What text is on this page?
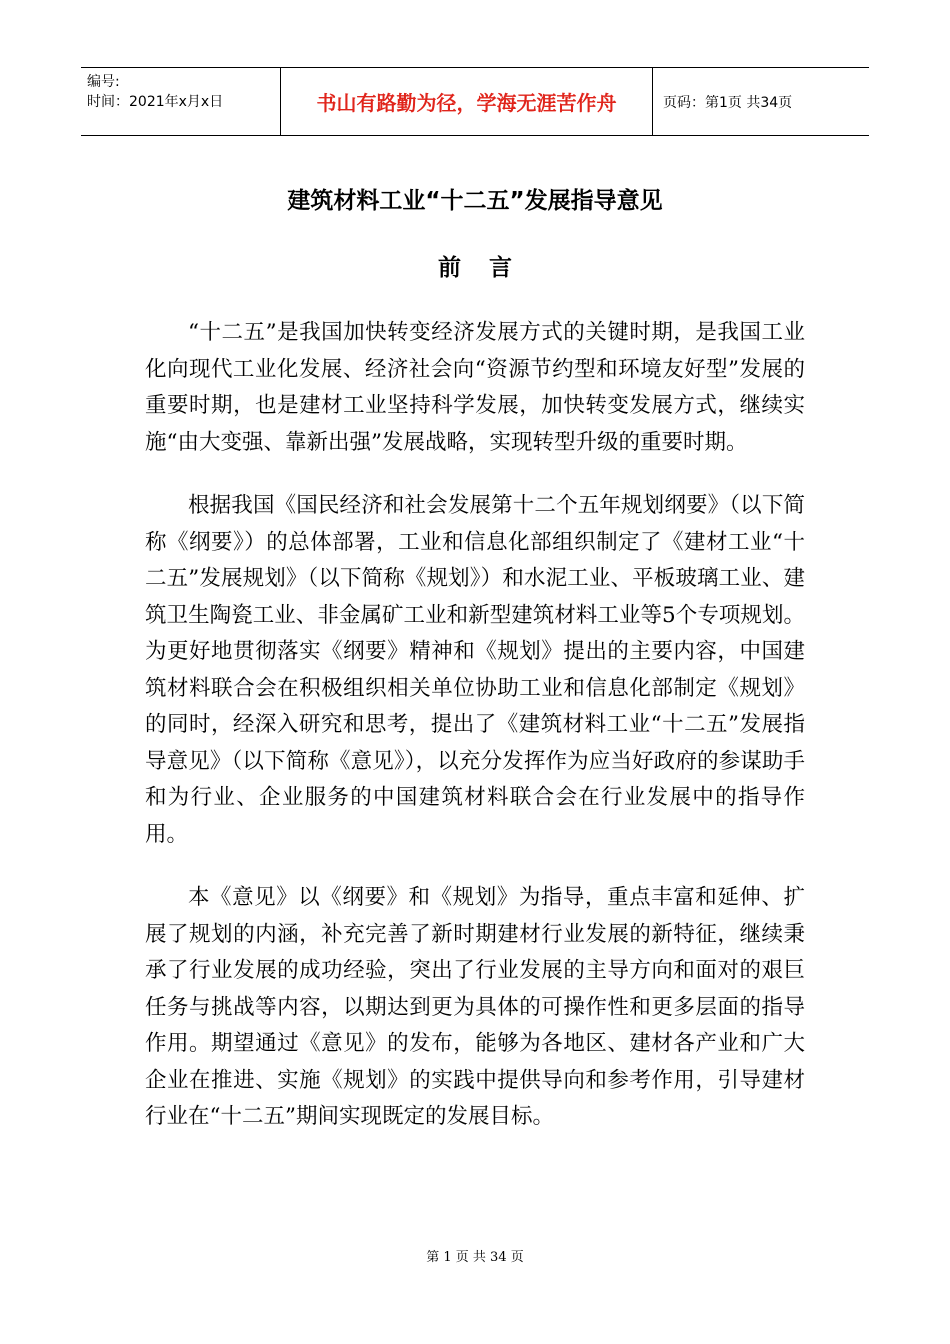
编号:
时间：2021年x月x日	书山有路勤为径，学海无涯苦作舟	页码：第1页 共34页
建筑材料工业“十二五”发展指导意见
前言

“十二五”是我国加快转变经济发展方式的关键时期，是我国工业化向现代工业化发展、经济社会向“资源节约型和环境友好型”发展的重要时期，也是建材工业坚持科学发展，加快转变发展方式，继续实施“由大变强、靠新出强”发展战略，实现转型升级的重要时期。

根据我国《国民经济和社会发展第十二个五年规划纲要》（以下简称《纲要》）的总体部署，工业和信息化部组织制定了《建材工业“十二五”发展规划》（以下简称《规划》）和水泥工业、平板玻璃工业、建筑卫生陶瓷工业、非金属矿工业和新型建筑材料工业等5个专项规划。为更好地贯彻落实《纲要》精神和《规划》提出的主要内容，中国建筑材料联合会在积极组织相关单位协助工业和信息化部制定《规划》的同时，经深入研究和思考，提出了《建筑材料工业“十二五”发展指导意见》（以下简称《意见》），以充分发挥作为应当好政府的参谋助手和为行业、企业服务的中国建筑材料联合会在行业发展中的指导作用。

本《意见》以《纲要》和《规划》为指导，重点丰富和延伸、扩展了规划的内涵，补充完善了新时期建材行业发展的新特征，继续秉承了行业发展的成功经验，突出了行业发展的主导方向和面对的艰巨任务与挑战等内容，以期达到更为具体的可操作性和更多层面的指导作用。期望通过《意见》的发布，能够为各地区、建材各产业和广大企业在推进、实施《规划》的实践中提供导向和参考作用，引导建材行业在“十二五”期间实现既定的发展目标。

第 1 页 共 34 页
